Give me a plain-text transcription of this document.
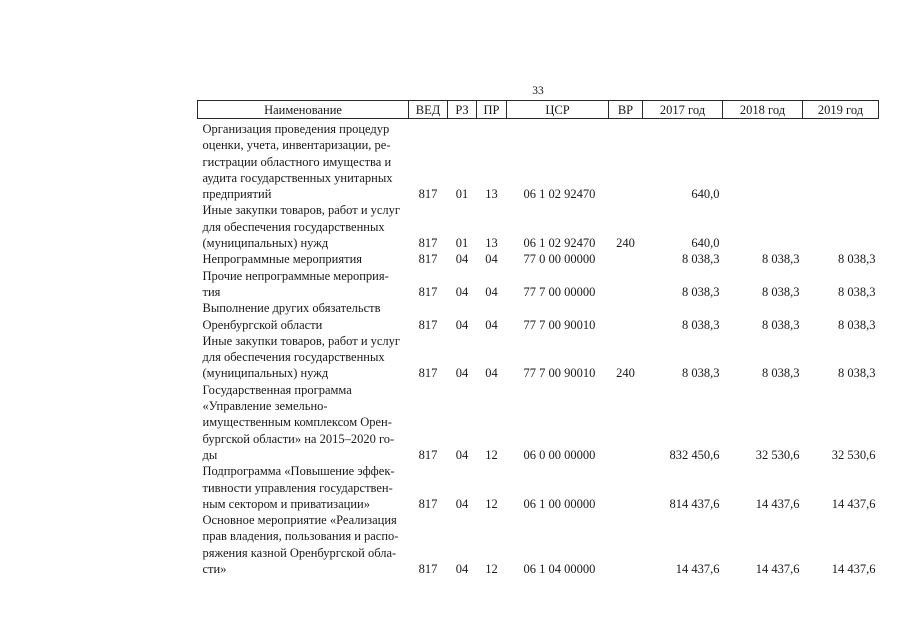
33
Наименование	ВЕД	РЗ	ПР	ЦСР	ВР	2017 год	2018 год	2019 год

Организация проведения процедур
оценки, учета, инвентаризации, ре-
гистрации областного имущества и
аудита государственных унитарных
предприятий	817	01	13	06 1 02 92470		640,0		

Иные закупки товаров, работ и услуг
для обеспечения государственных
(муниципальных) нужд	817	01	13	06 1 02 92470	240	640,0		

Непрограммные мероприятия	817	04	04	77 0 00 00000		8 038,3	8 038,3	8 038,3

Прочие непрограммные мероприя-
тия	817	04	04	77 7 00 00000		8 038,3	8 038,3	8 038,3

Выполнение других обязательств
Оренбургской области	817	04	04	77 7 00 90010		8 038,3	8 038,3	8 038,3

Иные закупки товаров, работ и услуг
для обеспечения государственных
(муниципальных) нужд	817	04	04	77 7 00 90010	240	8 038,3	8 038,3	8 038,3

Государственная программа
«Управление земельно-
имущественным комплексом Орен-
бургской области» на 2015–2020 го-
ды	817	04	12	06 0 00 00000		832 450,6	32 530,6	32 530,6

Подпрограмма «Повышение эффек-
тивности управления государствен-
ным сектором и приватизации»	817	04	12	06 1 00 00000		814 437,6	14 437,6	14 437,6

Основное мероприятие «Реализация
прав владения, пользования и распо-
ряжения казной Оренбургской обла-
сти»	817	04	12	06 1 04 00000		14 437,6	14 437,6	14 437,6
